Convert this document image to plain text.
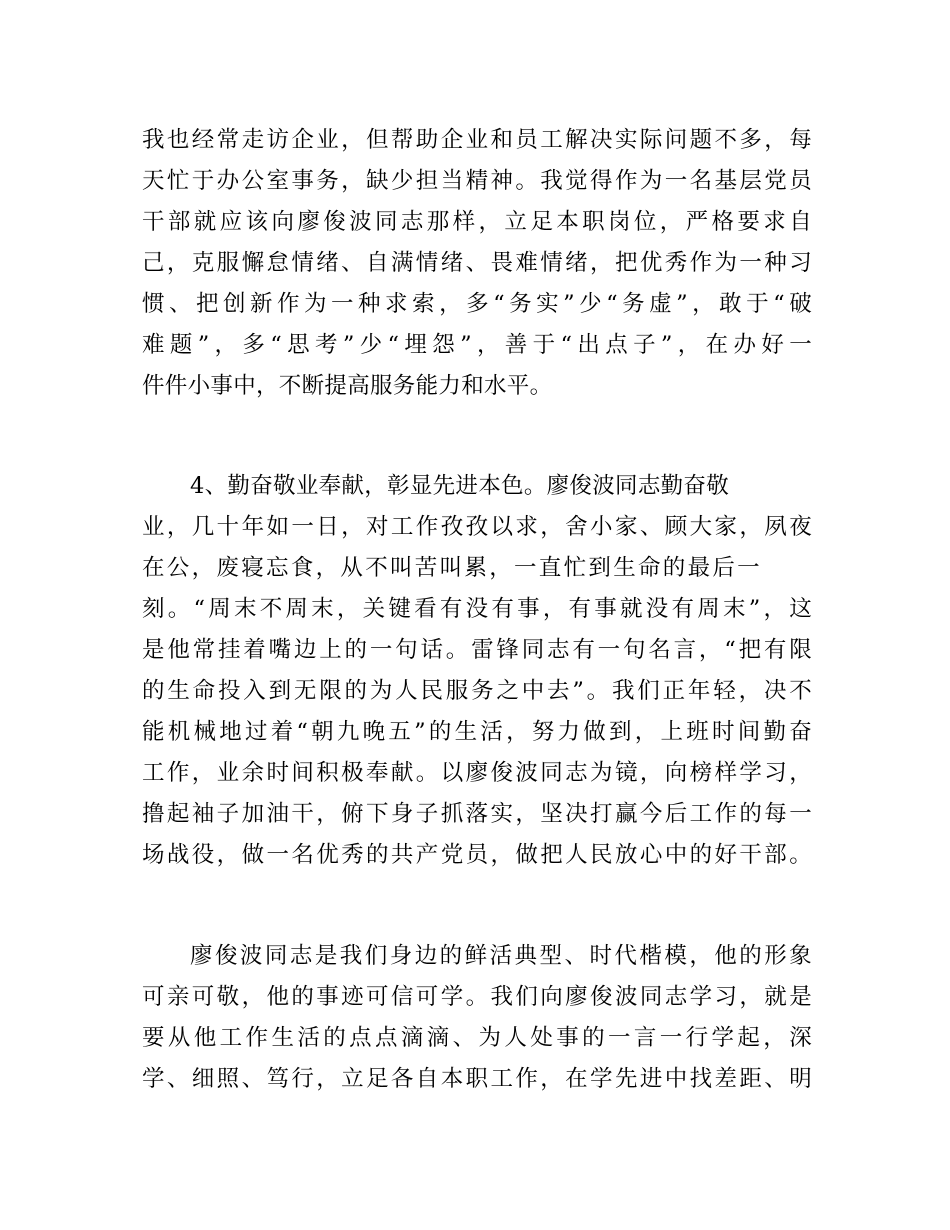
我也经常走访企业，但帮助企业和员工解决实际问题不多，每
天忙于办公室事务，缺少担当精神。我觉得作为一名基层党员
干部就应该向廖俊波同志那样，立足本职岗位，严格要求自
己，克服懈怠情绪、自满情绪、畏难情绪，把优秀作为一种习
惯、把创新作为一种求索，多“务实”少“务虚”，敢于“破
难题”，多“思考”少“埋怨”，善于“出点子”，在办好一
件件小事中，不断提高服务能力和水平。
4、勤奋敬业奉献，彰显先进本色。廖俊波同志勤奋敬
业，几十年如一日，对工作孜孜以求，舍小家、顾大家，夙夜
在公，废寝忘食，从不叫苦叫累，一直忙到生命的最后一
刻。“周末不周末，关键看有没有事，有事就没有周末”，这
是他常挂着嘴边上的一句话。雷锋同志有一句名言，“把有限
的生命投入到无限的为人民服务之中去”。我们正年轻，决不
能机械地过着“朝九晚五”的生活，努力做到，上班时间勤奋
工作，业余时间积极奉献。以廖俊波同志为镜，向榜样学习，
撸起袖子加油干，俯下身子抓落实，坚决打赢今后工作的每一
场战役，做一名优秀的共产党员，做把人民放心中的好干部。
廖俊波同志是我们身边的鲜活典型、时代楷模，他的形象
可亲可敬，他的事迹可信可学。我们向廖俊波同志学习，就是
要从他工作生活的点点滴滴、为人处事的一言一行学起，深
学、细照、笃行，立足各自本职工作，在学先进中找差距、明
